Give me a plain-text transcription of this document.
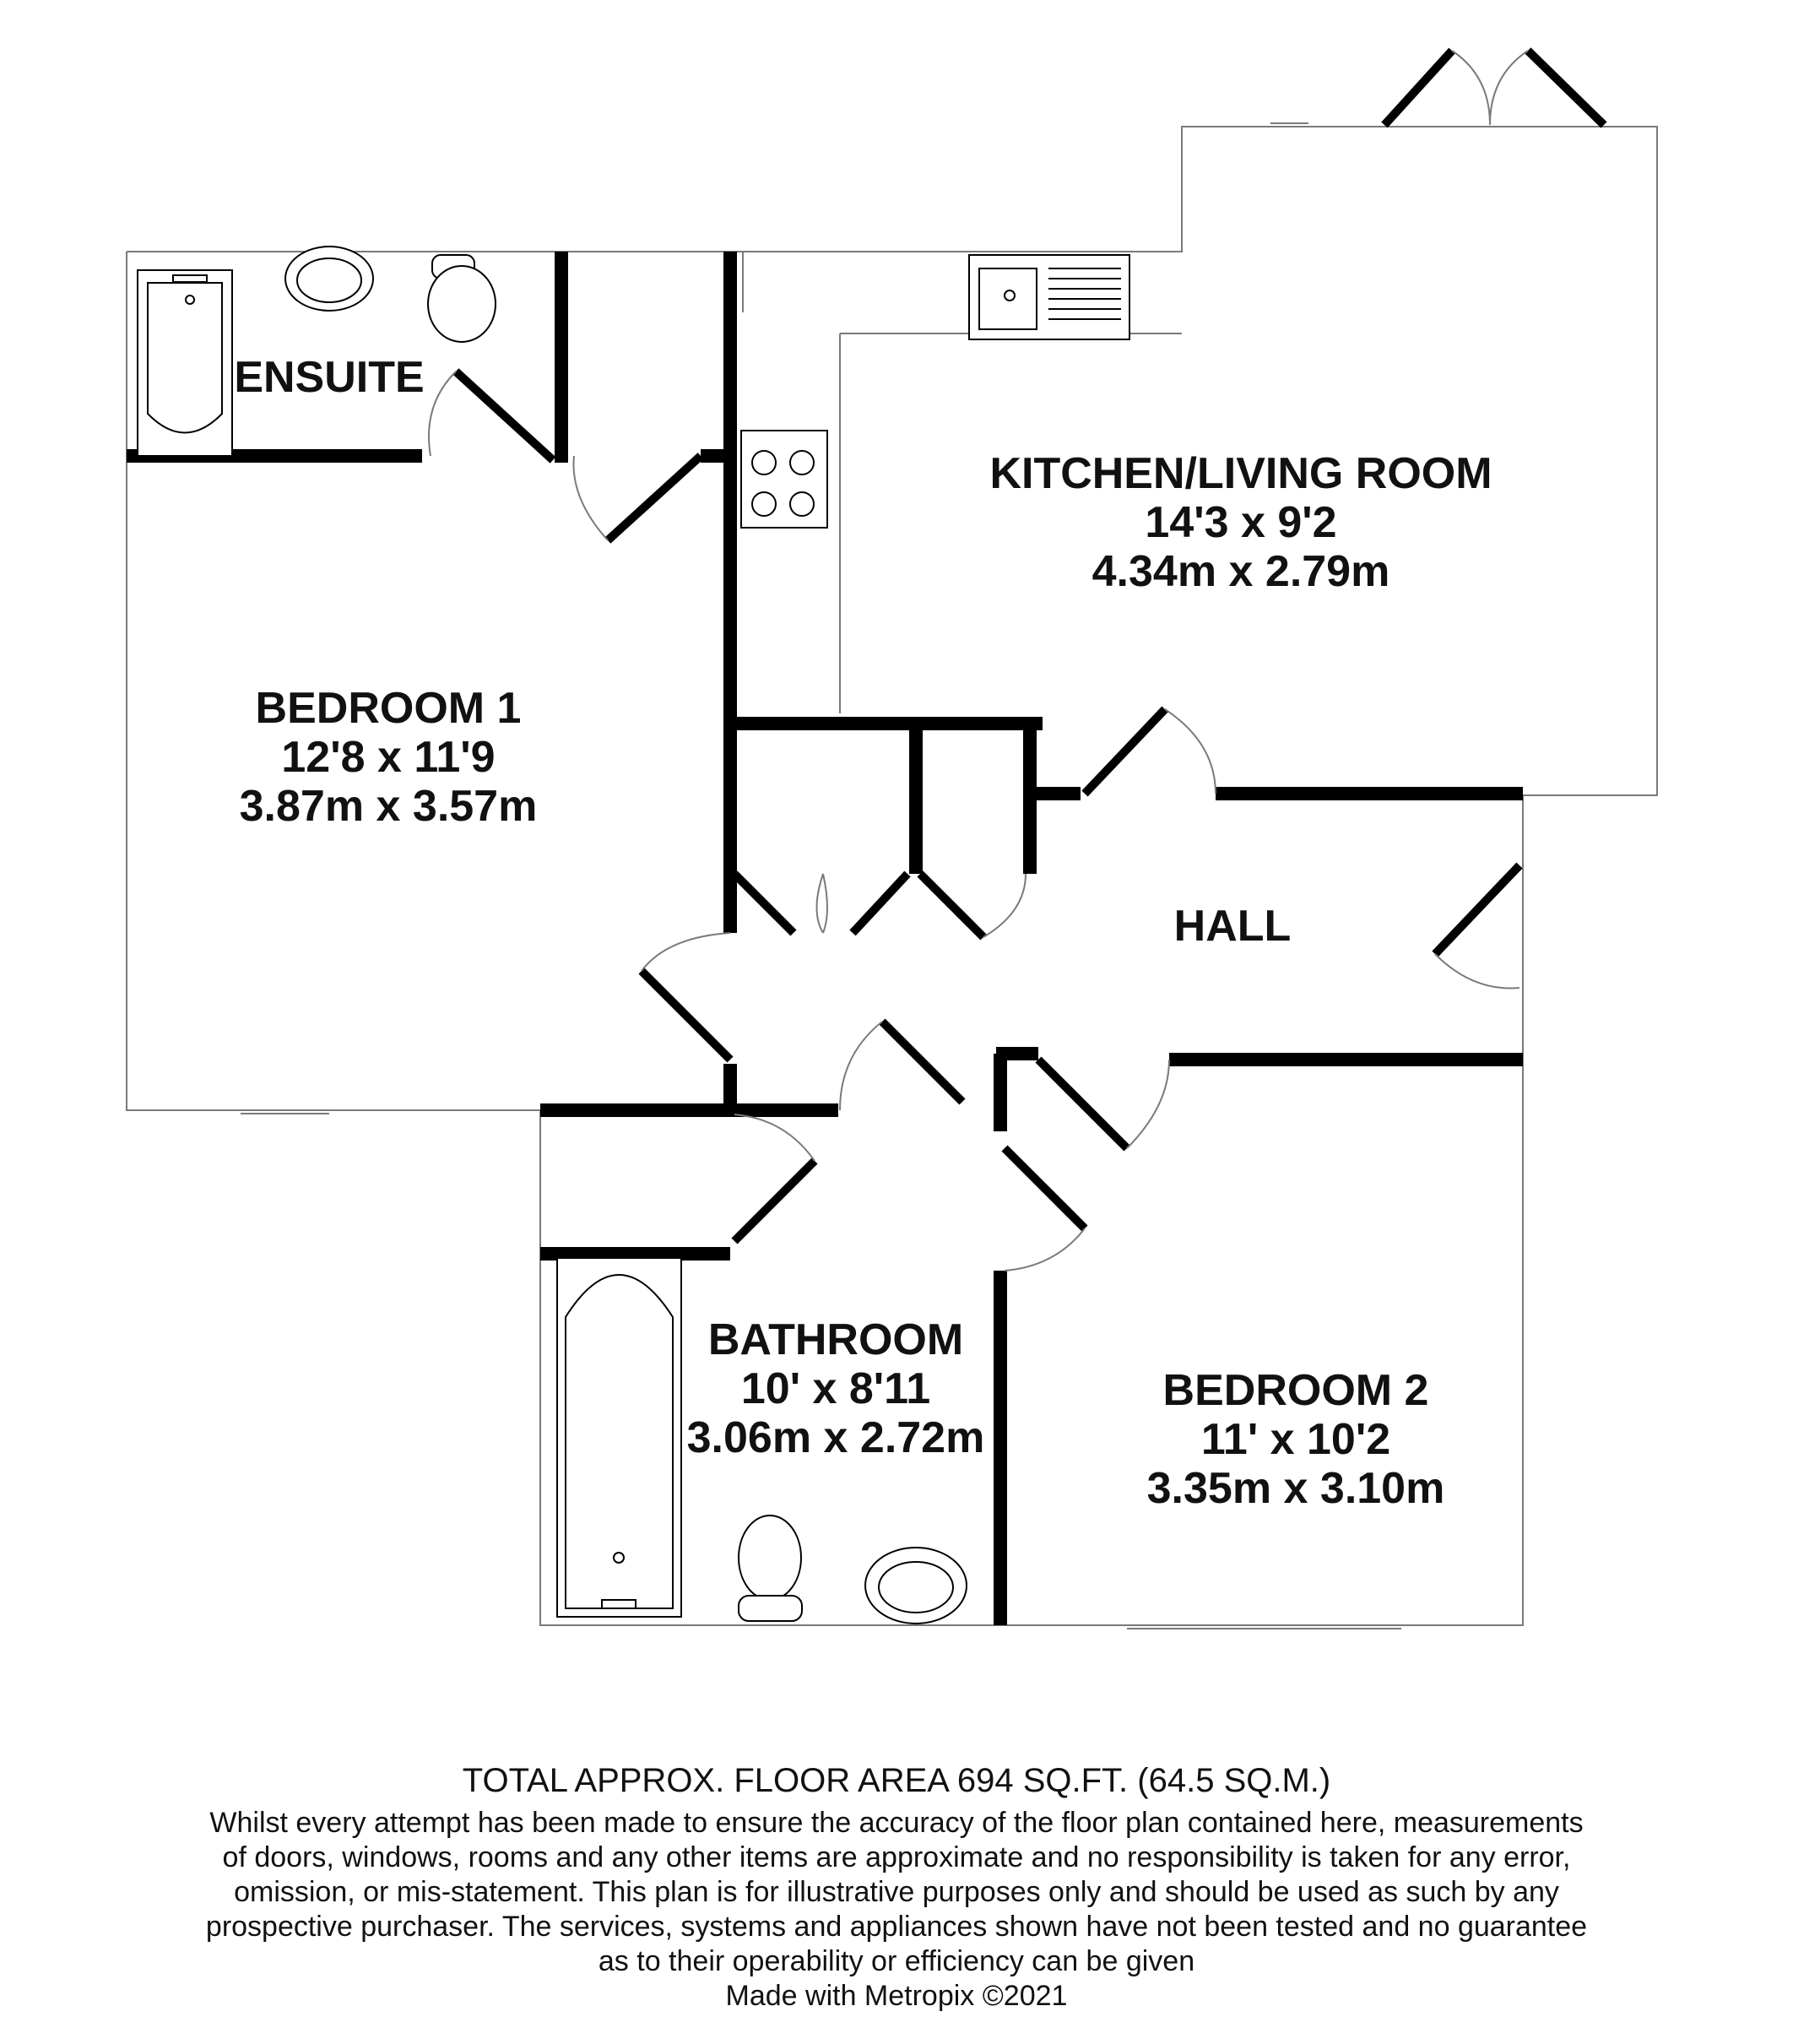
ENSUITE
BEDROOM 1
12'8 x 11'9
3.87m x 3.57m
KITCHEN/LIVING ROOM
14'3 x 9'2
4.34m x 2.79m
HALL
BATHROOM
10' x 8'11
3.06m x 2.72m
BEDROOM 2
11' x 10'2
3.35m x 3.10m
TOTAL APPROX. FLOOR AREA 694 SQ.FT. (64.5 SQ.M.)
Whilst every attempt has been made to ensure the accuracy of the floor plan contained here, measurements
of doors, windows, rooms and any other items are approximate and no responsibility is taken for any error,
omission, or mis-statement. This plan is for illustrative purposes only and should be used as such by any
prospective purchaser. The services, systems and appliances shown have not been tested and no guarantee
as to their operability or efficiency can be given
Made with Metropix ©2021
